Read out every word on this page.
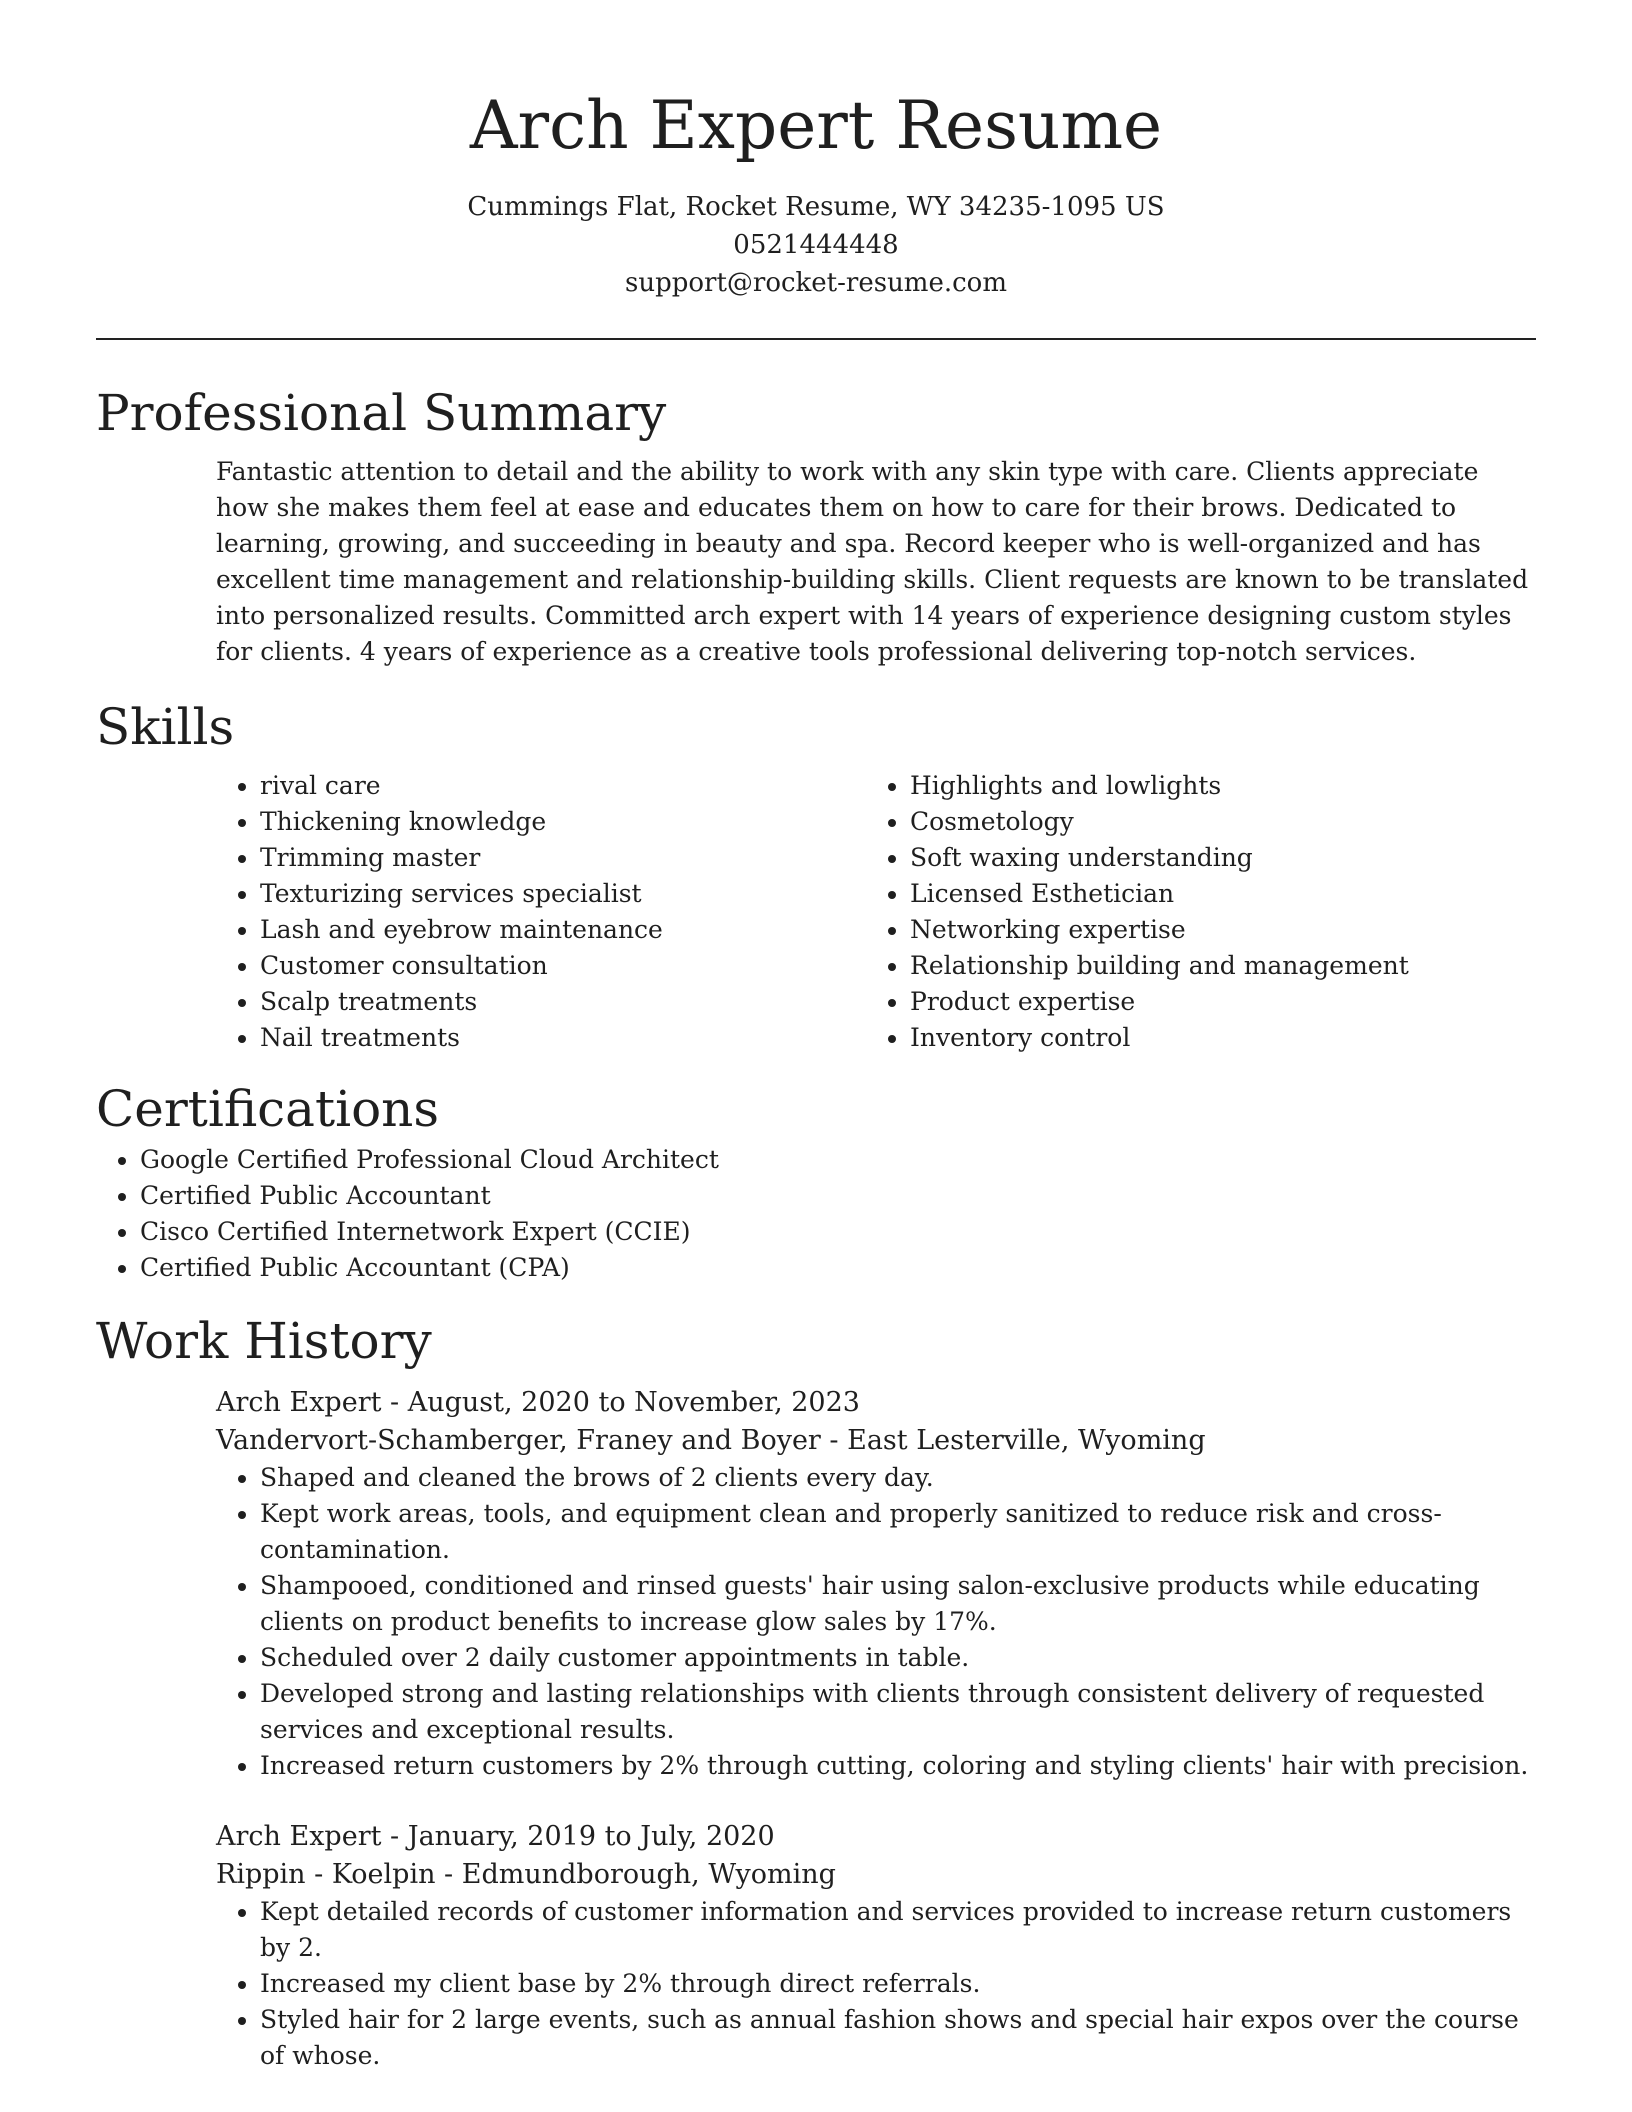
Arch Expert Resume

Cummings Flat, Rocket Resume, WY 34235-1095 US

0521444448

support@rocket-resume.com

Professional Summary

Fantastic attention to detail and the ability to work with any skin type with care. Clients appreciate how she makes them feel at ease and educates them on how to care for their brows. Dedicated to learning, growing, and succeeding in beauty and spa. Record keeper who is well-organized and has excellent time management and relationship-building skills. Client requests are known to be translated into personalized results. Committed arch expert with 14 years of experience designing custom styles for clients. 4 years of experience as a creative tools professional delivering top-notch services.

Skills
• rival care
• Thickening knowledge
• Trimming master
• Texturizing services specialist
• Lash and eyebrow maintenance
• Customer consultation
• Scalp treatments
• Nail treatments
• Highlights and lowlights
• Cosmetology
• Soft waxing understanding
• Licensed Esthetician
• Networking expertise
• Relationship building and management
• Product expertise
• Inventory control
Certifications
• Google Certified Professional Cloud Architect
• Certified Public Accountant
• Cisco Certified Internetwork Expert (CCIE)
• Certified Public Accountant (CPA)
Work History

Arch Expert - August, 2020 to November, 2023

Vandervort-Schamberger, Franey and Boyer - East Lesterville, Wyoming

• Shaped and cleaned the brows of 2 clients every day.
• Kept work areas, tools, and equipment clean and properly sanitized to reduce risk and cross-contamination.
• Shampooed, conditioned and rinsed guests' hair using salon-exclusive products while educating clients on product benefits to increase glow sales by 17%.
• Scheduled over 2 daily customer appointments in table.
• Developed strong and lasting relationships with clients through consistent delivery of requested services and exceptional results.
• Increased return customers by 2% through cutting, coloring and styling clients' hair with precision.

Arch Expert - January, 2019 to July, 2020

Rippin - Koelpin - Edmundborough, Wyoming

• Kept detailed records of customer information and services provided to increase return customers by 2.
• Increased my client base by 2% through direct referrals.
• Styled hair for 2 large events, such as annual fashion shows and special hair expos over the course of whose.
